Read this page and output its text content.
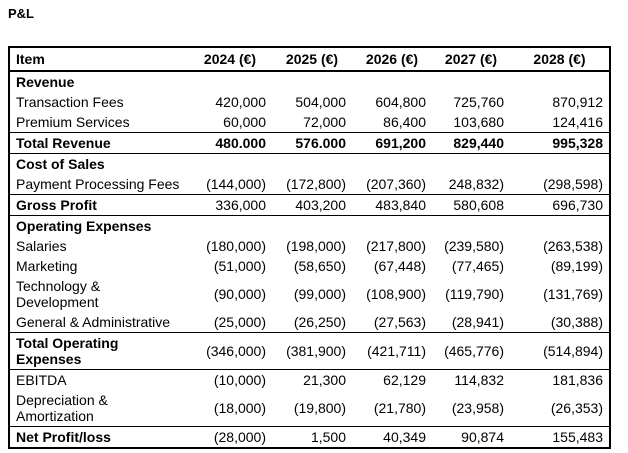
P&L
Item	2024 (€)	2025 (€)	2026 (€)	2027 (€)	2028 (€)
Revenue					
Transaction Fees	420,000	504,000	604,800	725,760	870,912
Premium Services	60,000	72,000	86,400	103,680	124,416
Total Revenue	480.000	576.000	691,200	829,440	995,328
Cost of Sales					
Payment Processing Fees	(144,000)	(172,800)	(207,360)	248,832)	(298,598)
Gross Profit	336,000	403,200	483,840	580,608	696,730
Operating Expenses					
Salaries	(180,000)	(198,000)	(217,800)	(239,580)	(263,538)
Marketing	(51,000)	(58,650)	(67,448)	(77,465)	(89,199)
Technology & Development	(90,000)	(99,000)	(108,900)	(119,790)	(131,769)
General & Administrative	(25,000)	(26,250)	(27,563)	(28,941)	(30,388)
Total Operating Expenses	(346,000)	(381,900)	(421,711)	(465,776)	(514,894)
EBITDA	(10,000)	21,300	62,129	114,832	181,836
Depreciation & Amortization	(18,000)	(19,800)	(21,780)	(23,958)	(26,353)
Net Profit/loss	(28,000)	1,500	40,349	90,874	155,483
